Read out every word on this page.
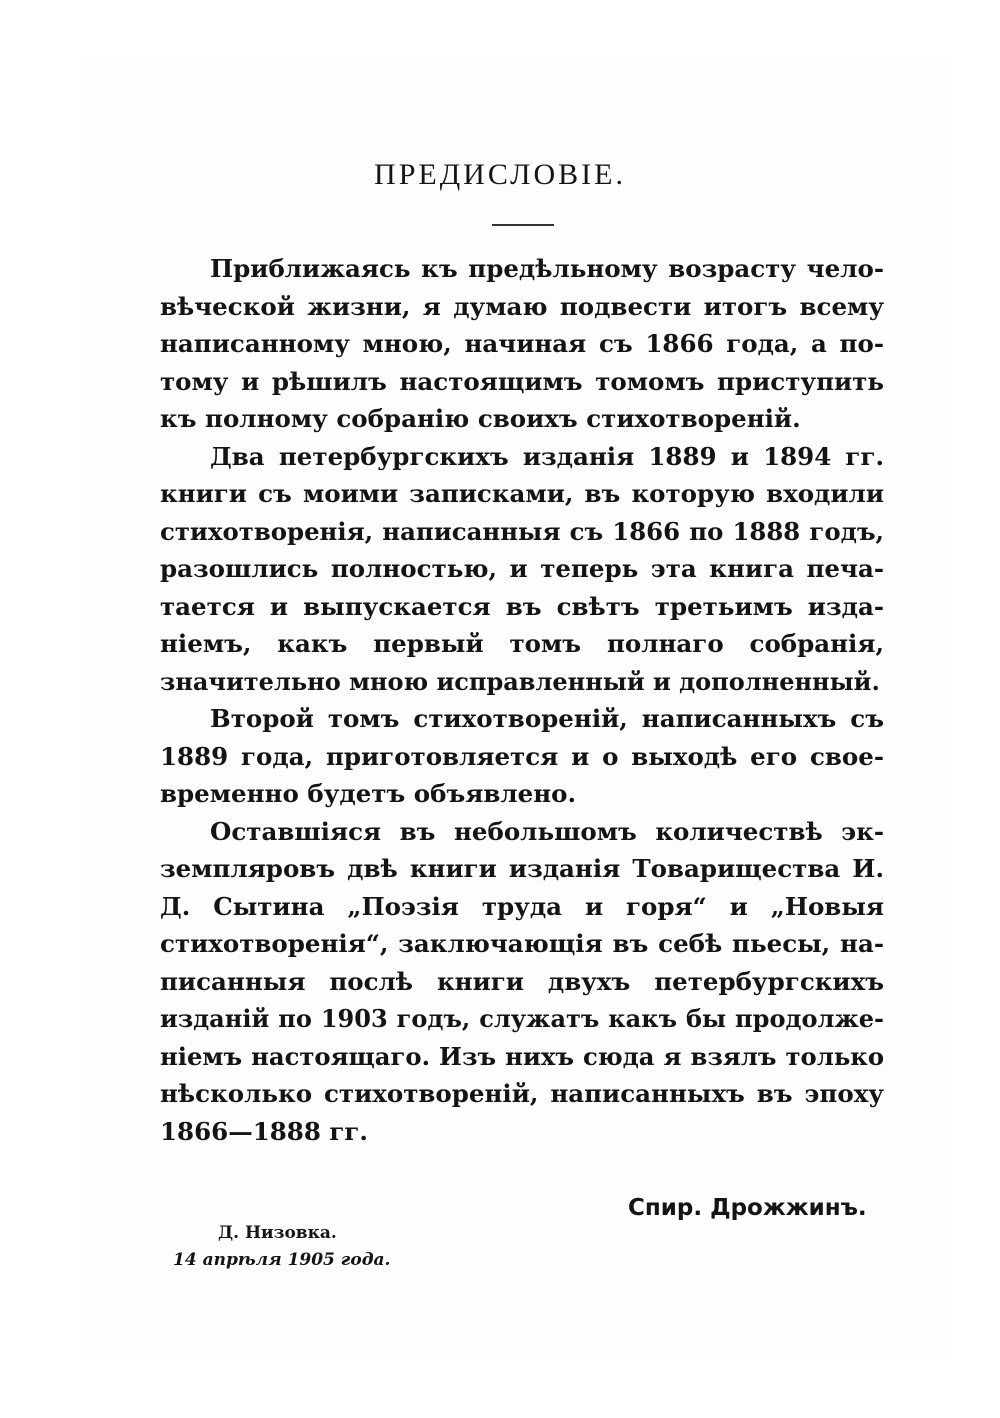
ПРЕДИСЛОВІЕ.
Приближаясь къ предѣльному возрасту чело-
вѣческой жизни, я думаю подвести итогъ всему
написанному мною, начиная съ 1866 года, а по-
тому и рѣшилъ настоящимъ томомъ приступить
къ полному собранію своихъ стихотвореній.
Два петербургскихъ изданія 1889 и 1894 гг.
книги съ моими записками, въ которую входили
стихотворенія, написанныя съ 1866 по 1888 годъ,
разошлись полностью, и теперь эта книга печа-
тается и выпускается въ свѣтъ третьимъ изда-
ніемъ, какъ первый томъ полнаго собранія,
значительно мною исправленный и дополненный.
Второй томъ стихотвореній, написанныхъ съ
1889 года, приготовляется и о выходѣ его свое-
временно будетъ объявлено.
Оставшіяся въ небольшомъ количествѣ эк-
земпляровъ двѣ книги изданія Товарищества И.
Д. Сытина „Поэзія труда и горя“ и „Новыя
стихотворенія“, заключающія въ себѣ пьесы, на-
писанныя послѣ книги двухъ петербургскихъ
изданій по 1903 годъ, служатъ какъ бы продолже-
ніемъ настоящаго. Изъ нихъ сюда я взялъ только
нѣсколько стихотвореній, написанныхъ въ эпоху
1866—1888 гг.
Спир. Дрожжинъ.
Д. Низовка.
14 апрѣля 1905 года.
